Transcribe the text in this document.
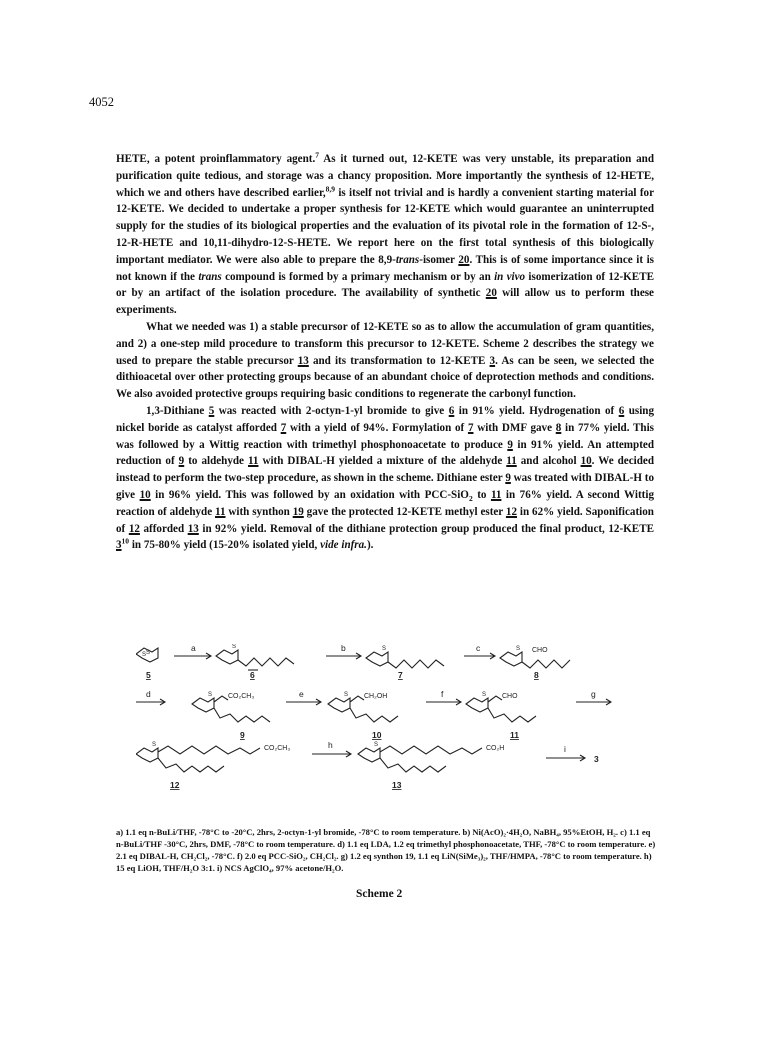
4052

HETE, a potent proinflammatory agent.$^7$ As it turned out, 12-KETE was very unstable, its preparation and purification quite tedious, and storage was a chancy proposition. More importantly the synthesis of 12-HETE, which we and others have described earlier,$^{8,9}$ is itself not trivial and is hardly a convenient starting material for 12-KETE. We decided to undertake a proper synthesis for 12-KETE which would guarantee an uninterrupted supply for the studies of its biological properties and the evaluation of its pivotal role in the formation of 12-S-, 12-R-HETE and 10,11-dihydro-12-S-HETE. We report here on the first total synthesis of this biologically important mediator. We were also able to prepare the 8,9-trans-isomer 20. This is of some importance since it is not known if the trans compound is formed by a primary mechanism or by an in vivo isomerization of 12-KETE or by an artifact of the isolation procedure. The availability of synthetic 20 will allow us to perform these experiments.

What we needed was 1) a stable precursor of 12-KETE so as to allow the accumulation of gram quantities, and 2) a one-step mild procedure to transform this precursor to 12-KETE. Scheme 2 describes the strategy we used to prepare the stable precursor 13 and its transformation to 12-KETE 3. As can be seen, we selected the dithioacetal over other protecting groups because of an abundant choice of deprotection methods and conditions. We also avoided protective groups requiring basic conditions to regenerate the carbonyl function.

1,3-Dithiane 5 was reacted with 2-octyn-1-yl bromide to give 6 in 91% yield. Hydrogenation of 6 using nickel boride as catalyst afforded 7 with a yield of 94%. Formylation of 7 with DMF gave 8 in 77% yield. This was followed by a Wittig reaction with trimethyl phosphonoacetate to produce 9 in 91% yield. An attempted reduction of 9 to aldehyde 11 with DIBAL-H yielded a mixture of the aldehyde 11 and alcohol 10. We decided instead to perform the two-step procedure, as shown in the scheme. Dithiane ester 9 was treated with DIBAL-H to give 10 in 96% yield. This was followed by an oxidation with PCC-SiO$_2$ to 11 in 76% yield. A second Wittig reaction of aldehyde 11 with synthon 19 gave the protected 12-KETE methyl ester 12 in 62% yield. Saponification of 12 afforded 13 in 92% yield. Removal of the dithiane protection group produced the final product, 12-KETE $3^{10}$ in 75-80% yield (15-20% isolated yield, vide infra.).

S
S
5
a	S
6
b	S
7
c	S CHO
8
d	S CO₂CH₃
9
e	S CH₂OH
10
f	S CHO
11
g
S	CO₂CH₃
12
h	S	CO₂H
13
i
3
a) 1.1 eq n-BuLi/THF, -78°C to -20°C, 2hrs, 2-octyn-1-yl bromide, -78°C to room temperature. b) Ni(AcO)₂·4H₂O, NaBH₄, 95%EtOH, H₂. c) 1.1 eq n-BuLi/THF -30°C, 2hrs, DMF, -78°C to room temperature. d) 1.1 eq LDA, 1.2 eq trimethyl phosphonoacetate, THF, -78°C to room temperature. e) 2.1 eq DIBAL-H, CH₂Cl₂, -78°C. f) 2.0 eq PCC-SiO₂, CH₂Cl₂. g) 1.2 eq synthon 19, 1.1 eq LiN(SiMe₃)₂, THF/HMPA, -78°C to room temperature. h) 15 eq LiOH, THF/H₂O 3:1. i) NCS AgClO₄, 97% acetone/H₂O.
Scheme 2
